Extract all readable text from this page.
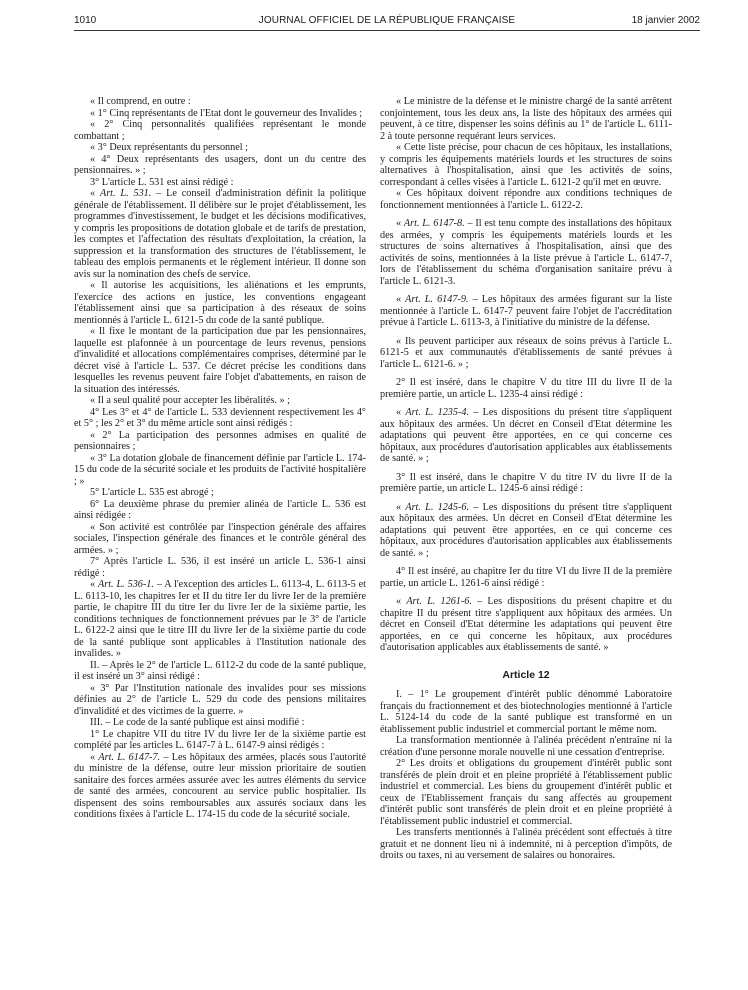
1010	JOURNAL OFFICIEL DE LA RÉPUBLIQUE FRANÇAISE	18 janvier 2002

« Il comprend, en outre :

« 1° Cinq représentants de l'Etat dont le gouverneur des Invalides ;

« 2° Cinq personnalités qualifiées représentant le monde combattant ;

« 3° Deux représentants du personnel ;

« 4° Deux représentants des usagers, dont un du centre des pensionnaires. » ;

3° L'article L. 531 est ainsi rédigé :

« Art. L. 531. – Le conseil d'administration définit la politique générale de l'établissement. Il délibère sur le projet d'établissement, les programmes d'investissement, le budget et les décisions modificatives, y compris les propositions de dotation globale et de tarifs de prestation, les comptes et l'affectation des résultats d'exploitation, la création, la suppression et la transformation des structures de l'établissement, le tableau des emplois permanents et le règlement intérieur. Il donne son avis sur la nomination des chefs de service.

« Il autorise les acquisitions, les aliénations et les emprunts, l'exercice des actions en justice, les conventions engageant l'établissement ainsi que sa participation à des réseaux de soins mentionnés à l'article L. 6121-5 du code de la santé publique.

« Il fixe le montant de la participation due par les pensionnaires, laquelle est plafonnée à un pourcentage de leurs revenus, pensions d'invalidité et allocations complémentaires comprises, déterminé par le décret visé à l'article L. 537. Ce décret précise les conditions dans lesquelles les revenus peuvent faire l'objet d'abattements, en raison de la situation des intéressés.

« Il a seul qualité pour accepter les libéralités. » ;

4° Les 3° et 4° de l'article L. 533 deviennent respectivement les 4° et 5° ; les 2° et 3° du même article sont ainsi rédigés :

« 2° La participation des personnes admises en qualité de pensionnaires ;

« 3° La dotation globale de financement définie par l'article L. 174-15 du code de la sécurité sociale et les produits de l'activité hospitalière ; »

5° L'article L. 535 est abrogé ;

6° La deuxième phrase du premier alinéa de l'article L. 536 est ainsi rédigée :

« Son activité est contrôlée par l'inspection générale des affaires sociales, l'inspection générale des finances et le contrôle général des armées. » ;

7° Après l'article L. 536, il est inséré un article L. 536-1 ainsi rédigé :

« Art. L. 536-1. – A l'exception des articles L. 6113-4, L. 6113-5 et L. 6113-10, les chapitres Ier et II du titre Ier du livre Ier de la première partie, le chapitre III du titre Ier du livre Ier de la sixième partie, les conditions techniques de fonctionnement prévues par le 3° de l'article L. 6122-2 ainsi que le titre III du livre Ier de la sixième partie du code de la santé publique sont applicables à l'Institution nationale des invalides. »

II. – Après le 2° de l'article L. 6112-2 du code de la santé publique, il est inséré un 3° ainsi rédigé :

« 3° Par l'Institution nationale des invalides pour ses missions définies au 2° de l'article L. 529 du code des pensions militaires d'invalidité et des victimes de la guerre. »

III. – Le code de la santé publique est ainsi modifié :

1° Le chapitre VII du titre IV du livre Ier de la sixième partie est complété par les articles L. 6147-7 à L. 6147-9 ainsi rédigés :

« Art. L. 6147-7. – Les hôpitaux des armées, placés sous l'autorité du ministre de la défense, outre leur mission prioritaire de soutien sanitaire des forces armées assurée avec les autres éléments du service de santé des armées, concourent au service public hospitalier. Ils dispensent des soins remboursables aux assurés sociaux dans les conditions fixées à l'article L. 174-15 du code de la sécurité sociale.

« Le ministre de la défense et le ministre chargé de la santé arrêtent conjointement, tous les deux ans, la liste des hôpitaux des armées qui peuvent, à ce titre, dispenser les soins définis au 1° de l'article L. 6111-2 à toute personne requérant leurs services.

« Cette liste précise, pour chacun de ces hôpitaux, les installations, y compris les équipements matériels lourds et les structures de soins alternatives à l'hospitalisation, ainsi que les activités de soins, correspondant à celles visées à l'article L. 6121-2 qu'il met en œuvre.

« Ces hôpitaux doivent répondre aux conditions techniques de fonctionnement mentionnées à l'article L. 6122-2.

« Art. L. 6147-8. – Il est tenu compte des installations des hôpitaux des armées, y compris les équipements matériels lourds et les structures de soins alternatives à l'hospitalisation, ainsi que des activités de soins, mentionnées à la liste prévue à l'article L. 6147-7, lors de l'établissement du schéma d'organisation sanitaire prévu à l'article L. 6121-3.

« Art. L. 6147-9. – Les hôpitaux des armées figurant sur la liste mentionnée à l'article L. 6147-7 peuvent faire l'objet de l'accréditation prévue à l'article L. 6113-3, à l'initiative du ministre de la défense.

« Ils peuvent participer aux réseaux de soins prévus à l'article L. 6121-5 et aux communautés d'établissements de santé prévues à l'article L. 6121-6. » ;

2° Il est inséré, dans le chapitre V du titre III du livre II de la première partie, un article L. 1235-4 ainsi rédigé :

« Art. L. 1235-4. – Les dispositions du présent titre s'appliquent aux hôpitaux des armées. Un décret en Conseil d'Etat détermine les adaptations qui peuvent être apportées, en ce qui concerne ces hôpitaux, aux procédures d'autorisation applicables aux établissements de santé. » ;

3° Il est inséré, dans le chapitre V du titre IV du livre II de la première partie, un article L. 1245-6 ainsi rédigé :

« Art. L. 1245-6. – Les dispositions du présent titre s'appliquent aux hôpitaux des armées. Un décret en Conseil d'Etat détermine les adaptations qui peuvent être apportées, en ce qui concerne ces hôpitaux, aux procédures d'autorisation applicables aux établissements de santé. » ;

4° Il est inséré, au chapitre Ier du titre VI du livre II de la première partie, un article L. 1261-6 ainsi rédigé :

« Art. L. 1261-6. – Les dispositions du présent chapitre et du chapitre II du présent titre s'appliquent aux hôpitaux des armées. Un décret en Conseil d'Etat détermine les adaptations qui peuvent être apportées, en ce qui concerne les hôpitaux, aux procédures d'autorisation applicables aux établissements de santé. »

Article 12

I. – 1° Le groupement d'intérêt public dénommé Laboratoire français du fractionnement et des biotechnologies mentionné à l'article L. 5124-14 du code de la santé publique est transformé en un établissement public industriel et commercial portant le même nom.

La transformation mentionnée à l'alinéa précédent n'entraîne ni la création d'une personne morale nouvelle ni une cessation d'entreprise.

2° Les droits et obligations du groupement d'intérêt public sont transférés de plein droit et en pleine propriété à l'établissement public industriel et commercial. Les biens du groupement d'intérêt public et ceux de l'Etablissement français du sang affectés au groupement d'intérêt public sont transférés de plein droit et en pleine propriété à l'établissement public industriel et commercial.

Les transferts mentionnés à l'alinéa précédent sont effectués à titre gratuit et ne donnent lieu ni à indemnité, ni à perception d'impôts, de droits ou taxes, ni au versement de salaires ou honoraires.
